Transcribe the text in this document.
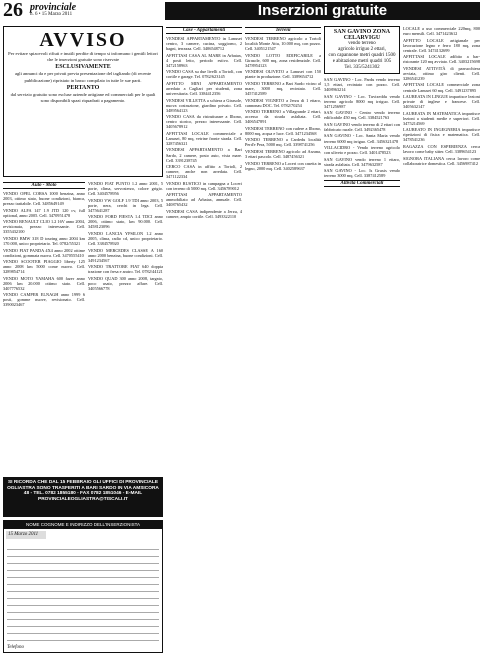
26 provinciale
n. 6 • 15 Marzo 2011	Inserzioni gratuite
AVVISO

Per evitare spiacevoli rifiuti e inutili perdite di tempo si informano i gentili lettori che le inserzioni gratuite sono riservate

ESCLUSIVAMENTE

agli annunci da e per privati previa presentazione del tagliando (di recente pubblicazione) ripristato in basso compilato in tutte le sue parti.

PERTANTO

dal servizio gratuito sono escluse aziende artigiane ed commerciali per le quali sono disponibili spazi riquadrati a pagamento.

Auto - Moto
VENDO OPEL CORSA 1000 benzina, anno 2003, ottimo stato, buone condizioni, bianca, prezzo trattabile. Cell. 3485649149
VENDO ALFA 147 1.9 JTD 120 cv, full optional, anno 2005. Cell. 3470951478
VENDO RENAULT CLIO 1.2 16V anno 2004, revisionata, prezzo interessante. Cell. 3355432100
VENDO BMW 318 D touring anno 2004 km 170.000, unico proprietario. Tel. 0782/55321
VENDO FIAT PANDA 4X4 anno 2002 ottime condizioni, gommata nuova. Cell. 3470555410
VENDO SCOOTER PIAGGIO liberty 125 anno 2008 km 5000 come nuovo. Cell. 3289854714
VENDO MOTO YAMAHA 600 fazer anno 2006 km 20.000 ottimo stato. Cell. 3407776532
VENDO CAMPER ELNAGH anno 1999 6 posti, gomme nuove, revisionato. Cell. 3390023467
VENDO FIAT PUNTO 1.2 anno 2001, 5 porte, clima, servosterzo, colore grigio. Cell. 3404578956
VENDO VW GOLF 1.9 TDI anno 2003, 5 porte, nera, cerchi in lega. Cell. 3475641287
VENDO FORD FIESTA 1.4 TDCI anno 2006, ottimo stato, km 90.000. Cell. 3458123096
VENDO LANCIA YPSILON 1.2 anno 2005, clima, radio cd, unico proprietario. Cell. 3384578920
VENDO MERCEDES CLASSE A 160 anno 2000 benzina, buone condizioni. Cell. 3491234567
VENDO TRATTORE FIAT 640 doppia trazione con fresa e aratro. Tel. 0782/44121
VENDO QUAD 300 anno 2008, targato, poco usato, prezzo affare. Cell. 3405566778
Case - Appartamenti
VENDESI APPARTAMENTO in Lanusei centro, 3 camere, cucina, soggiorno, 2 bagni, terrazza. Cell. 3406548712
AFFITTASI CASA AL MARE in Arbatax, 4 posti letto, periodo estivo. Cell. 3472158963
VENDO CASA su due livelli a Tortolì, con cortile e garage. Tel. 0782/623145
AFFITTO MINI APPARTAMENTO arredato a Cagliari per studenti, zona universitaria. Cell. 3384412356
VENDESI VILLETTA a schiera a Girasole, nuova costruzione, giardino privato. Cell. 3489564123
VENDO CASA da ristrutturare a Ilbono, centro storico, prezzo interessante. Cell. 3405678912
AFFITTASI LOCALE commerciale a Lanusei, 80 mq, vetrine fronte strada. Cell. 3287456321
VENDESI APPARTAMENTO a Bari Sardo, 2 camere, posto auto, vista mare. Cell. 3391238745
CERCO CASA in affitto a Tortolì, 2 camere, anche non arredata. Cell. 3471122334
VENDO RUSTICO in campagna a Loceri con terreno di 5000 mq. Cell. 3456789012
AFFITTASI APPARTAMENTO ammobiliato ad Arbatax, annuale. Cell. 3408765432
VENDESI CASA indipendente a Jerzu, 4 camere, ampio cortile. Cell. 3493322110
Terreni
VENDESI TERRENO agricolo a Tortolì località Monte Attu, 10.000 mq, con pozzo. Cell. 3405121547
VENDO LOTTO EDIFICABILE a Girasole, 600 mq, zona residenziale. Cell. 3478954123
VENDESI OLIVETO a Lanusei con 150 piante in produzione. Cell. 3389654712
VENDO TERRENO a Bari Sardo vicino al mare, 3000 mq, recintato. Cell. 3457412589
VENDESI VIGNETO a Jerzu di 1 ettaro, cannonau DOC. Tel. 0782/70254
VENDO TERRENO a Villagrande 2 ettari, accesso da strada asfaltata. Cell. 3406547891
VENDESI TERRENO con rudere a Ilbono, 8000 mq, acqua e luce. Cell. 3471234568
VENDO TERRENO a Cardedu località Perd'e Pera, 5000 mq. Cell. 3398741256
VENDESI TERRENO agricolo ad Arzana, 3 ettari pascolo. Cell. 3487456321
VENDO TERRENO a Loceri con casetta in legno, 2000 mq. Cell. 3402589637
SAN GAVINO ZONA CELARVIGU
vendo terreno
agricolo irriguo 2 ettari,
con capannone metri quadri 1500
e abitazione metri quadri 105
Tel. 335/5241302
SAN GAVINO - Loc. Pardu vendo terreno 1,5 ettari, recintato con pozzo. Cell. 3408963214
SAN GAVINO - Loc. Tuvixeddu vendo terreno agricolo 8000 mq irriguo. Cell. 3471256987
SAN GAVINO - Centro vendo terreno edificabile 450 mq. Cell. 3384521763
SAN GAVINO vendo terreno di 2 ettari con fabbricato rurale. Cell. 3492365478
SAN GAVINO - Loc. Santa Maria vendo terreno 6000 mq irriguo. Cell. 3456321478
VILLACIDRO - Vendo terreno agricolo con uliveto e pozzo. Cell. 3401478523
SAN GAVINO vendo terreno 1 ettaro, strada asfaltata. Cell. 3479632587
SAN GAVINO - Loc. Is Gruxis vendo terreno 3000 mq. Cell. 3387412589
Attività Commerciali
LOCALE a uso commerciale 220mq, 800 euro mensili. Cell. 3471423612
AFFITTO LOCALE artigianale per lavorazione legno e ferro 180 mq, zona centrale. Cell. 3474132699
AFFITTASI LOCALE adibito a bar-ristorante 120 mq avviato. Cell. 3403215698
VENDESI ATTIVITÀ di parrucchiera avviata, ottimo giro clienti. Cell. 3286541239
AFFITTASI LOCALE commerciale zona centrale Lanusei 60 mq. Cell. 3491237895
LAUREATA IN LINGUE impartisce lezioni private di inglese e francese. Cell. 3405632147
LAUREATA IN MATEMATICA impartisce lezioni a studenti medie e superiori. Cell. 3475214569
LAUREATO IN INGEGNERIA impartisce ripetizioni di fisica e matematica. Cell. 3478541236
RAGAZZA CON ESPERIENZA cerca lavoro come baby sitter. Cell. 3389654123
SIGNORA ITALIANA cerca lavoro come collaboratrice domestica. Cell. 3456987412
SI RICORDA CHE DAL 15 FEBBRAIO GLI UFFICI DI PROVINCIALE OGLIASTRA SONO TRASFERITI A BARI SARDO IN VIA AMSICORA 48 - TEL. 0782 1855180 - FAX 0782 1851046 - E-MAIL PROVINCIALEOGLIASTRA@TISCALI.IT
NOME COGNOME E INDIRIZZO DELL'INSERZIONISTA
15 Marzo 2011
Telefono
